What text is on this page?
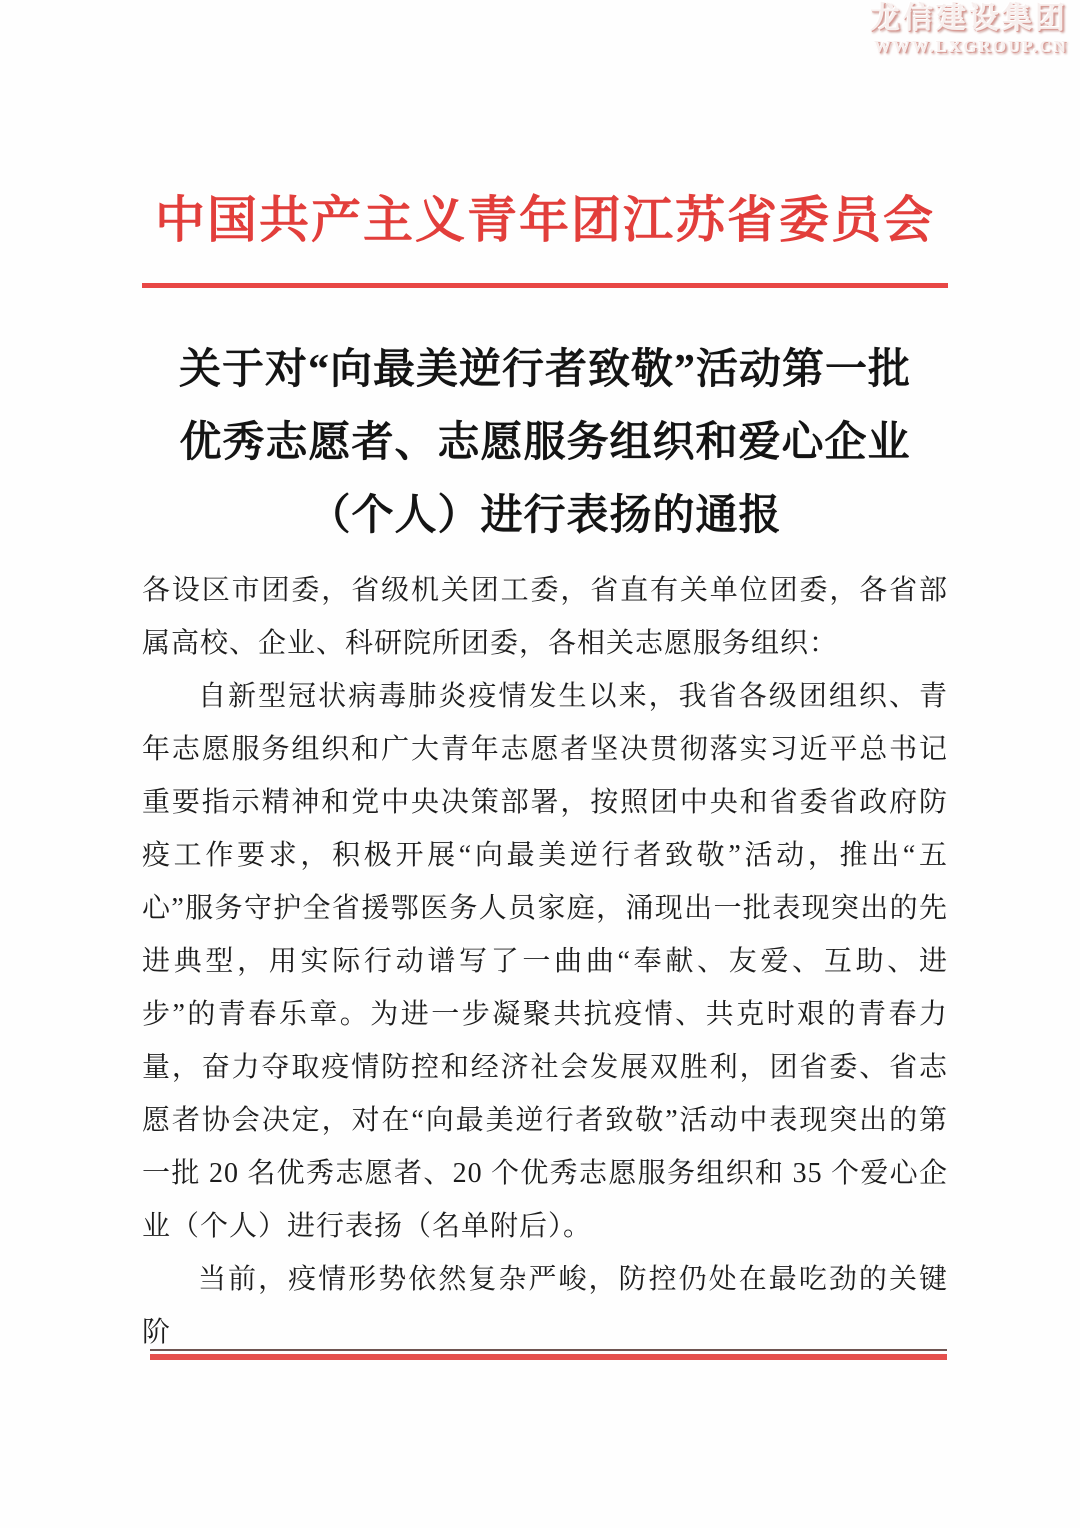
龙信建设集团
WWW.LXGROUP.CN
中国共产主义青年团江苏省委员会
关于对“向最美逆行者致敬”活动第一批
优秀志愿者、志愿服务组织和爱心企业
（个人）进行表扬的通报

各设区市团委，省级机关团工委，省直有关单位团委，各省部属高校、企业、科研院所团委，各相关志愿服务组织：

自新型冠状病毒肺炎疫情发生以来，我省各级团组织、青年志愿服务组织和广大青年志愿者坚决贯彻落实习近平总书记重要指示精神和党中央决策部署，按照团中央和省委省政府防疫工作要求，积极开展“向最美逆行者致敬”活动，推出“五心”服务守护全省援鄂医务人员家庭，涌现出一批表现突出的先进典型，用实际行动谱写了一曲曲“奉献、友爱、互助、进步”的青春乐章。为进一步凝聚共抗疫情、共克时艰的青春力量，奋力夺取疫情防控和经济社会发展双胜利，团省委、省志愿者协会决定，对在“向最美逆行者致敬”活动中表现突出的第一批 20 名优秀志愿者、20 个优秀志愿服务组织和 35 个爱心企业（个人）进行表扬（名单附后）。

当前，疫情形势依然复杂严峻，防控仍处在最吃劲的关键阶
